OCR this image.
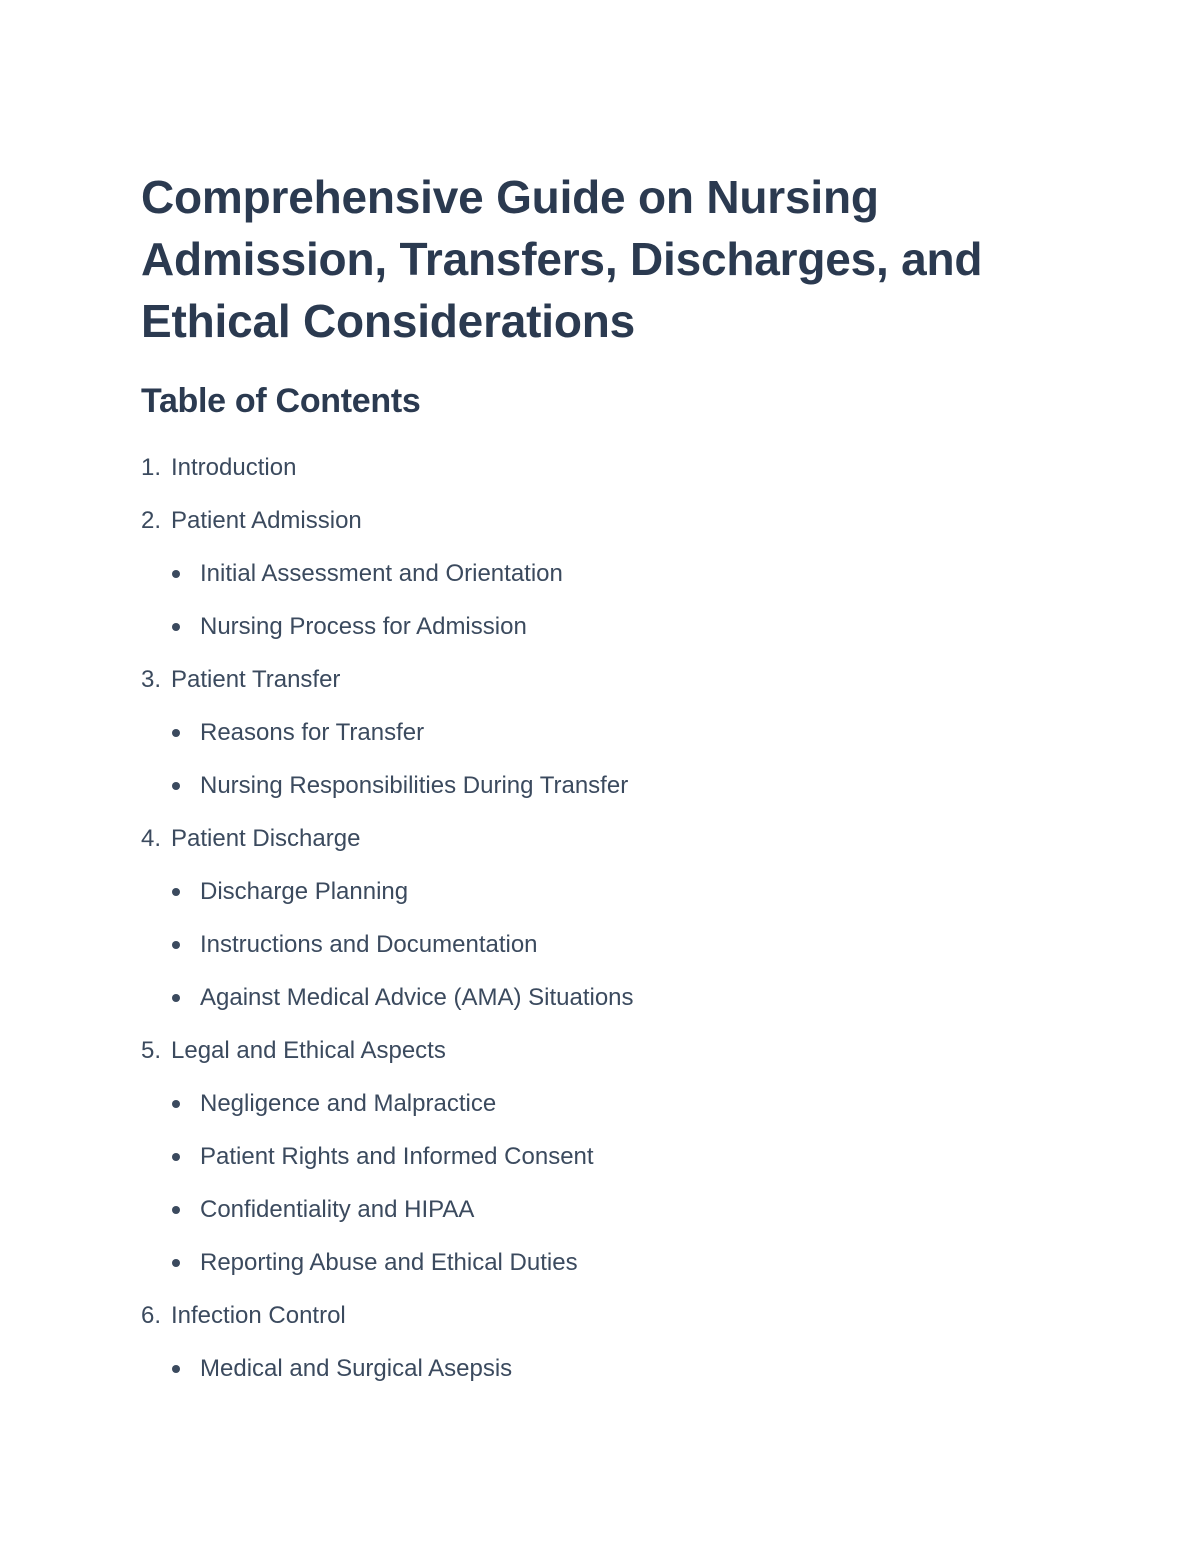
Comprehensive Guide on Nursing Admission, Transfers, Discharges, and Ethical Considerations
Table of Contents
1. Introduction
2. Patient Admission
Initial Assessment and Orientation
Nursing Process for Admission
3. Patient Transfer
Reasons for Transfer
Nursing Responsibilities During Transfer
4. Patient Discharge
Discharge Planning
Instructions and Documentation
Against Medical Advice (AMA) Situations
5. Legal and Ethical Aspects
Negligence and Malpractice
Patient Rights and Informed Consent
Confidentiality and HIPAA
Reporting Abuse and Ethical Duties
6. Infection Control
Medical and Surgical Asepsis
